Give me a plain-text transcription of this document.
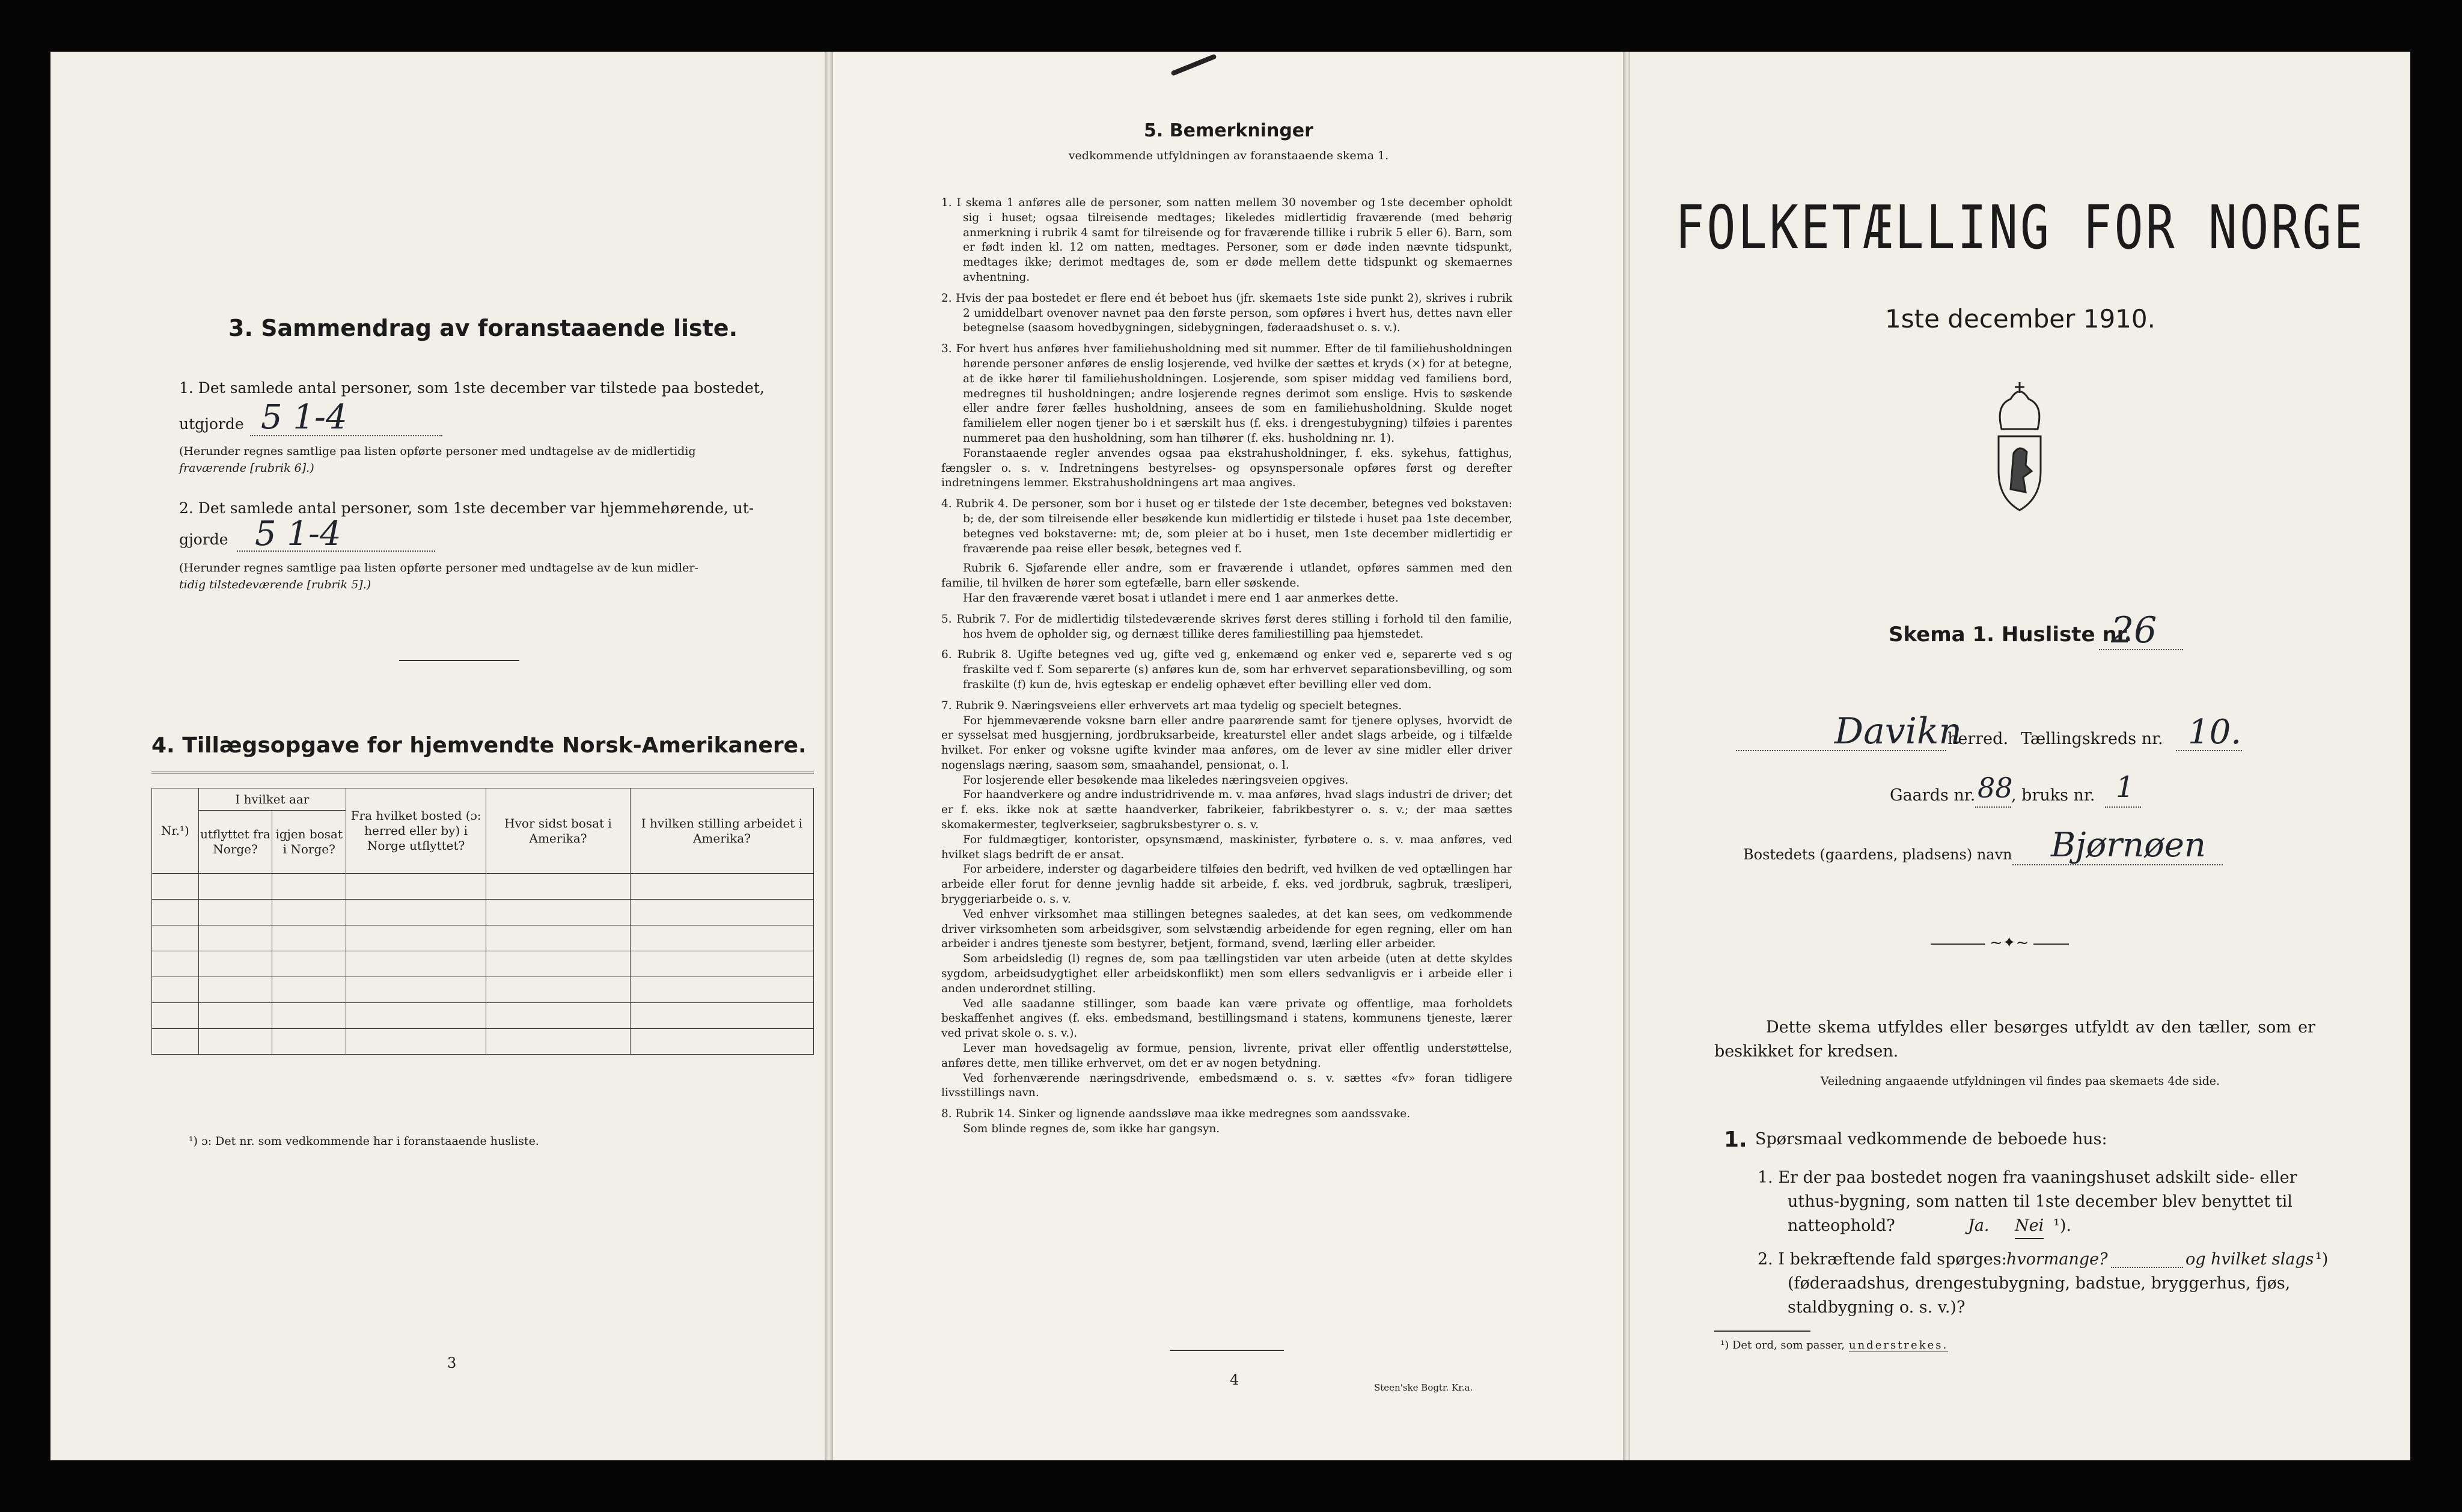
3. Sammendrag av foranstaaende liste.
1. Det samlede antal personer, som 1ste december var tilstede paa bostedet,
utgjorde 5 1-4
(Herunder regnes samtlige paa listen opførte personer med undtagelse av de midlertidig
fraværende [rubrik 6].)
2. Det samlede antal personer, som 1ste december var hjemmehørende, ut-
gjorde 5 1-4
(Herunder regnes samtlige paa listen opførte personer med undtagelse av de kun midler-
tidig tilstedeværende [rubrik 5].)
4. Tillægsopgave for hjemvendte Norsk-Amerikanere.
Nr.¹)	I hvilket aar		Fra hvilket bosted (ɔ: herred eller by) i Norge utflyttet?	Hvor sidst bosat i Amerika?	I hvilken stilling arbeidet i Amerika?
	utflyttet fra Norge?	igjen bosat i Norge?			

¹) ɔ: Det nr. som vedkommende har i foranstaaende husliste.
3
5. Bemerkninger
vedkommende utfyldningen av foranstaaende skema 1.

1. I skema 1 anføres alle de personer, som natten mellem 30 november og 1ste december opholdt sig i huset; ogsaa tilreisende medtages; likeledes midlertidig fraværende (med behørig anmerkning i rubrik 4 samt for tilreisende og for fraværende tillike i rubrik 5 eller 6). Barn, som er født inden kl. 12 om natten, medtages. Personer, som er døde inden nævnte tidspunkt, medtages ikke; derimot medtages de, som er døde mellem dette tidspunkt og skemaernes avhentning.

2. Hvis der paa bostedet er flere end ét beboet hus (jfr. skemaets 1ste side punkt 2), skrives i rubrik 2 umiddelbart ovenover navnet paa den første person, som opføres i hvert hus, dettes navn eller betegnelse (saasom hovedbygningen, sidebygningen, føderaadshuset o. s. v.).

3. For hvert hus anføres hver familiehusholdning med sit nummer. Efter de til familiehusholdningen hørende personer anføres de enslig losjerende, ved hvilke der sættes et kryds (×) for at betegne, at de ikke hører til familiehusholdningen. Losjerende, som spiser middag ved familiens bord, medregnes til husholdningen; andre losjerende regnes derimot som enslige. Hvis to søskende eller andre fører fælles husholdning, ansees de som en familiehusholdning. Skulde noget familielem eller nogen tjener bo i et særskilt hus (f. eks. i drengestubygning) tilføies i parentes nummeret paa den husholdning, som han tilhører (f. eks. husholdning nr. 1).

Foranstaaende regler anvendes ogsaa paa ekstrahusholdninger, f. eks. sykehus, fattighus, fængsler o. s. v. Indretningens bestyrelses- og opsynspersonale opføres først og derefter indretningens lemmer. Ekstrahusholdningens art maa angives.

4. Rubrik 4. De personer, som bor i huset og er tilstede der 1ste december, betegnes ved bokstaven: b; de, der som tilreisende eller besøkende kun midlertidig er tilstede i huset paa 1ste december, betegnes ved bokstaverne: mt; de, som pleier at bo i huset, men 1ste december midlertidig er fraværende paa reise eller besøk, betegnes ved f.

Rubrik 6. Sjøfarende eller andre, som er fraværende i utlandet, opføres sammen med den familie, til hvilken de hører som egtefælle, barn eller søskende.

Har den fraværende været bosat i utlandet i mere end 1 aar anmerkes dette.

5. Rubrik 7. For de midlertidig tilstedeværende skrives først deres stilling i forhold til den familie, hos hvem de opholder sig, og dernæst tillike deres familiestilling paa hjemstedet.

6. Rubrik 8. Ugifte betegnes ved ug, gifte ved g, enkemænd og enker ved e, separerte ved s og fraskilte ved f. Som separerte (s) anføres kun de, som har erhvervet separationsbevilling, og som fraskilte (f) kun de, hvis egteskap er endelig ophævet efter bevilling eller ved dom.

7. Rubrik 9. Næringsveiens eller erhvervets art maa tydelig og specielt betegnes.

For hjemmeværende voksne barn eller andre paarørende samt for tjenere oplyses, hvorvidt de er sysselsat med husgjerning, jordbruksarbeide, kreaturstel eller andet slags arbeide, og i tilfælde hvilket. For enker og voksne ugifte kvinder maa anføres, om de lever av sine midler eller driver nogenslags næring, saasom søm, smaahandel, pensionat, o. l.

For losjerende eller besøkende maa likeledes næringsveien opgives.

For haandverkere og andre industridrivende m. v. maa anføres, hvad slags industri de driver; det er f. eks. ikke nok at sætte haandverker, fabrikeier, fabrikbestyrer o. s. v.; der maa sættes skomakermester, teglverkseier, sagbruksbestyrer o. s. v.

For fuldmægtiger, kontorister, opsynsmænd, maskinister, fyrbøtere o. s. v. maa anføres, ved hvilket slags bedrift de er ansat.

For arbeidere, inderster og dagarbeidere tilføies den bedrift, ved hvilken de ved optællingen har arbeide eller forut for denne jevnlig hadde sit arbeide, f. eks. ved jordbruk, sagbruk, træsliperi, bryggeriarbeide o. s. v.

Ved enhver virksomhet maa stillingen betegnes saaledes, at det kan sees, om vedkommende driver virksomheten som arbeidsgiver, som selvstændig arbeidende for egen regning, eller om han arbeider i andres tjeneste som bestyrer, betjent, formand, svend, lærling eller arbeider.

Som arbeidsledig (l) regnes de, som paa tællingstiden var uten arbeide (uten at dette skyldes sygdom, arbeidsudygtighet eller arbeidskonflikt) men som ellers sedvanligvis er i arbeide eller i anden underordnet stilling.

Ved alle saadanne stillinger, som baade kan være private og offentlige, maa forholdets beskaffenhet angives (f. eks. embedsmand, bestillingsmand i statens, kommunens tjeneste, lærer ved privat skole o. s. v.).

Lever man hovedsagelig av formue, pension, livrente, privat eller offentlig understøttelse, anføres dette, men tillike erhvervet, om det er av nogen betydning.

Ved forhenværende næringsdrivende, embedsmænd o. s. v. sættes «fv» foran tidligere livsstillings navn.

8. Rubrik 14. Sinker og lignende aandssløve maa ikke medregnes som aandssvake.

Som blinde regnes de, som ikke har gangsyn.

4	Steen'ske Bogtr. Kr.a.
FOLKETÆLLING FOR NORGE
1ste december 1910.
Skema 1. Husliste nr.
26
Davikn
herred. Tællingskreds nr. 10.
Gaards nr. 88
, bruks nr. 1
Bostedets (gaardens, pladsens) navn Bjørnøen
~✦~
Dette skema utfyldes eller besørges utfyldt av den tæller, som er beskikket for kredsen.
Veiledning angaaende utfyldningen vil findes paa skemaets 4de side.
1. Spørsmaal vedkommende de beboede hus:
1. Er der paa bostedet nogen fra vaaningshuset adskilt side- eller uthus-bygning, som natten til 1ste december blev benyttet til natteophold?	Ja. Nei ¹).
2. I bekræftende fald spørges: hvormange?	og hvilket slags ¹)
(føderaadshus, drengestubygning, badstue, bryggerhus, fjøs, staldbygning o. s. v.)?
¹) Det ord, som passer, understrekes.
